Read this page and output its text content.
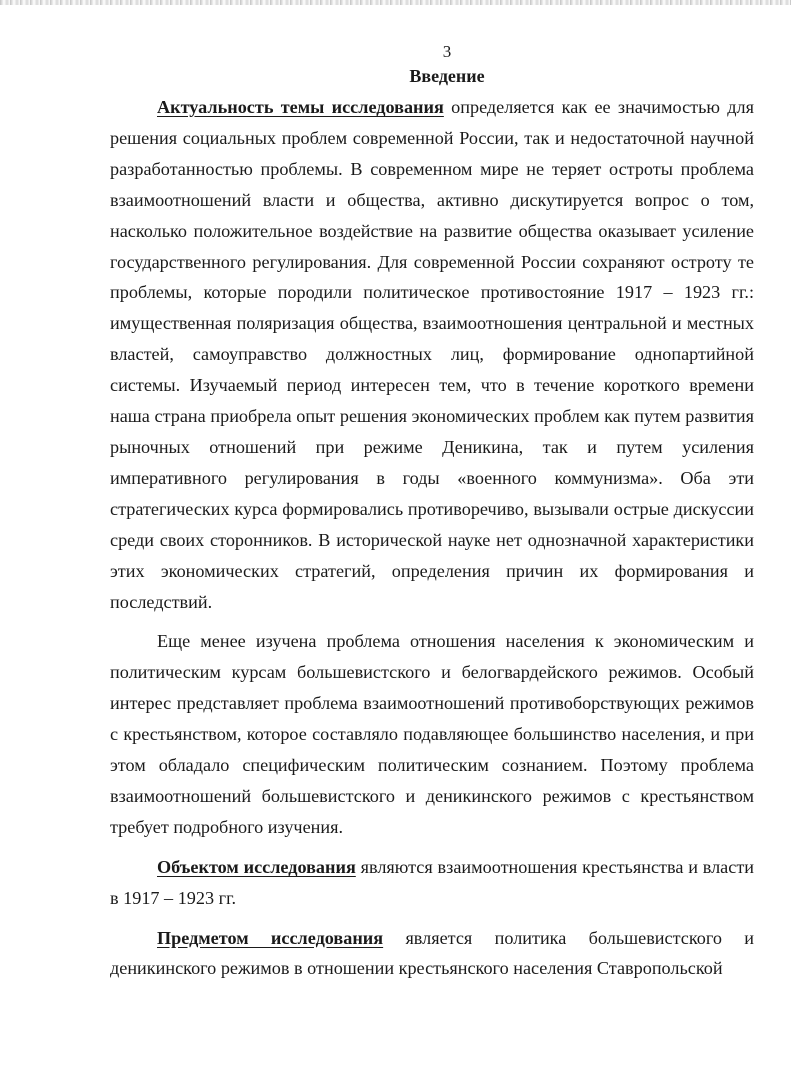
3
Введение

Актуальность темы исследования определяется как ее значимостью для решения социальных проблем современной России, так и недостаточной научной разработанностью проблемы. В современном мире не теряет остроты проблема взаимоотношений власти и общества, активно дискутируется вопрос о том, насколько положительное воздействие на развитие общества оказывает усиление государственного регулирования. Для современной России сохраняют остроту те проблемы, которые породили политическое противостояние 1917 – 1923 гг.: имущественная поляризация общества, взаимоотношения центральной и местных властей, самоуправство должностных лиц, формирование однопартийной системы. Изучаемый период интересен тем, что в течение короткого времени наша страна приобрела опыт решения экономических проблем как путем развития рыночных отношений при режиме Деникина, так и путем усиления императивного регулирования в годы «военного коммунизма». Оба эти стратегических курса формировались противоречиво, вызывали острые дискуссии среди своих сторонников. В исторической науке нет однозначной характеристики этих экономических стратегий, определения причин их формирования и последствий.

Еще менее изучена проблема отношения населения к экономическим и политическим курсам большевистского и белогвардейского режимов. Особый интерес представляет проблема взаимоотношений противоборствующих режимов с крестьянством, которое составляло подавляющее большинство населения, и при этом обладало специфическим политическим сознанием. Поэтому проблема взаимоотношений большевистского и деникинского режимов с крестьянством требует подробного изучения.

Объектом исследования являются взаимоотношения крестьянства и власти в 1917 – 1923 гг.

Предметом исследования является политика большевистского и деникинского режимов в отношении крестьянского населения Ставропольской
